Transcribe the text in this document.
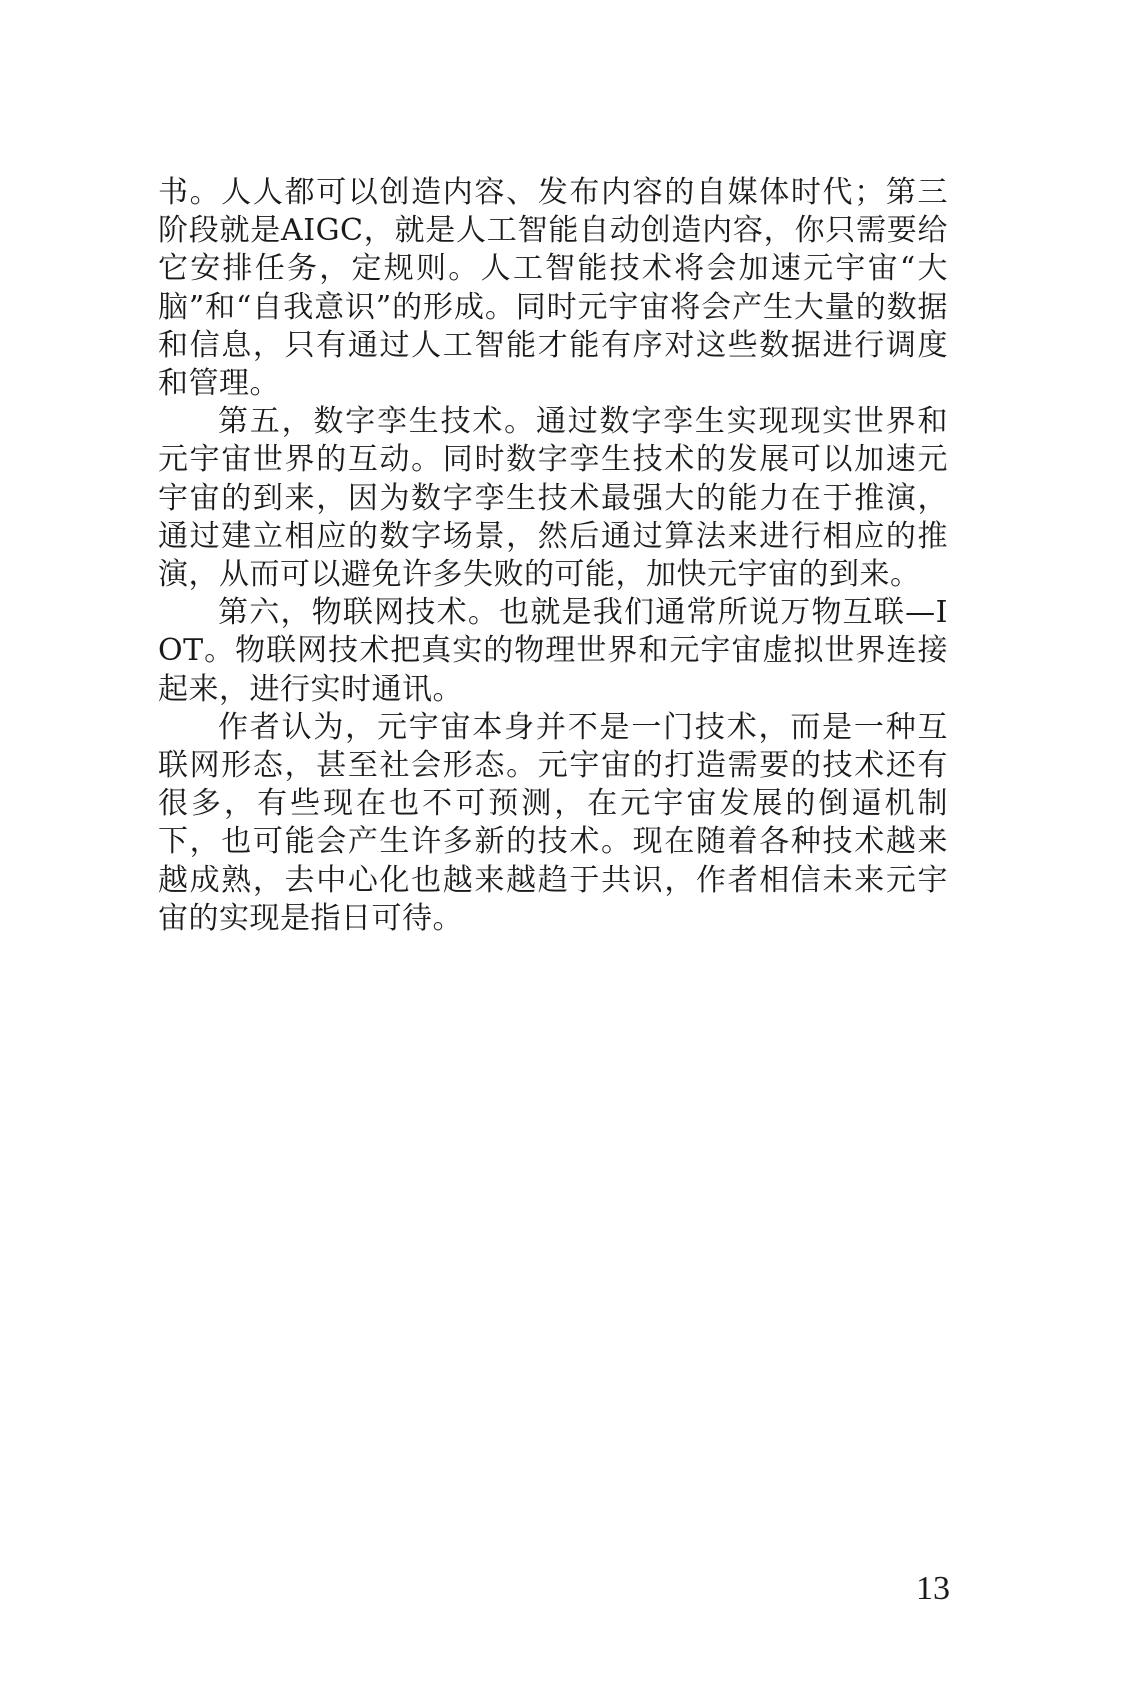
书。人人都可以创造内容、发布内容的自媒体时代；第三阶段就是AIGC，就是人工智能自动创造内容，你只需要给它安排任务，定规则。人工智能技术将会加速元宇宙“大脑”和“自我意识”的形成。同时元宇宙将会产生大量的数据和信息，只有通过人工智能才能有序对这些数据进行调度和管理。

第五，数字孪生技术。通过数字孪生实现现实世界和元宇宙世界的互动。同时数字孪生技术的发展可以加速元宇宙的到来，因为数字孪生技术最强大的能力在于推演，通过建立相应的数字场景，然后通过算法来进行相应的推演，从而可以避免许多失败的可能，加快元宇宙的到来。

第六，物联网技术。也就是我们通常所说万物互联—IOT。物联网技术把真实的物理世界和元宇宙虚拟世界连接起来，进行实时通讯。

作者认为，元宇宙本身并不是一门技术，而是一种互联网形态，甚至社会形态。元宇宙的打造需要的技术还有很多，有些现在也不可预测，在元宇宙发展的倒逼机制下，也可能会产生许多新的技术。现在随着各种技术越来越成熟，去中心化也越来越趋于共识，作者相信未来元宇宙的实现是指日可待。

13
